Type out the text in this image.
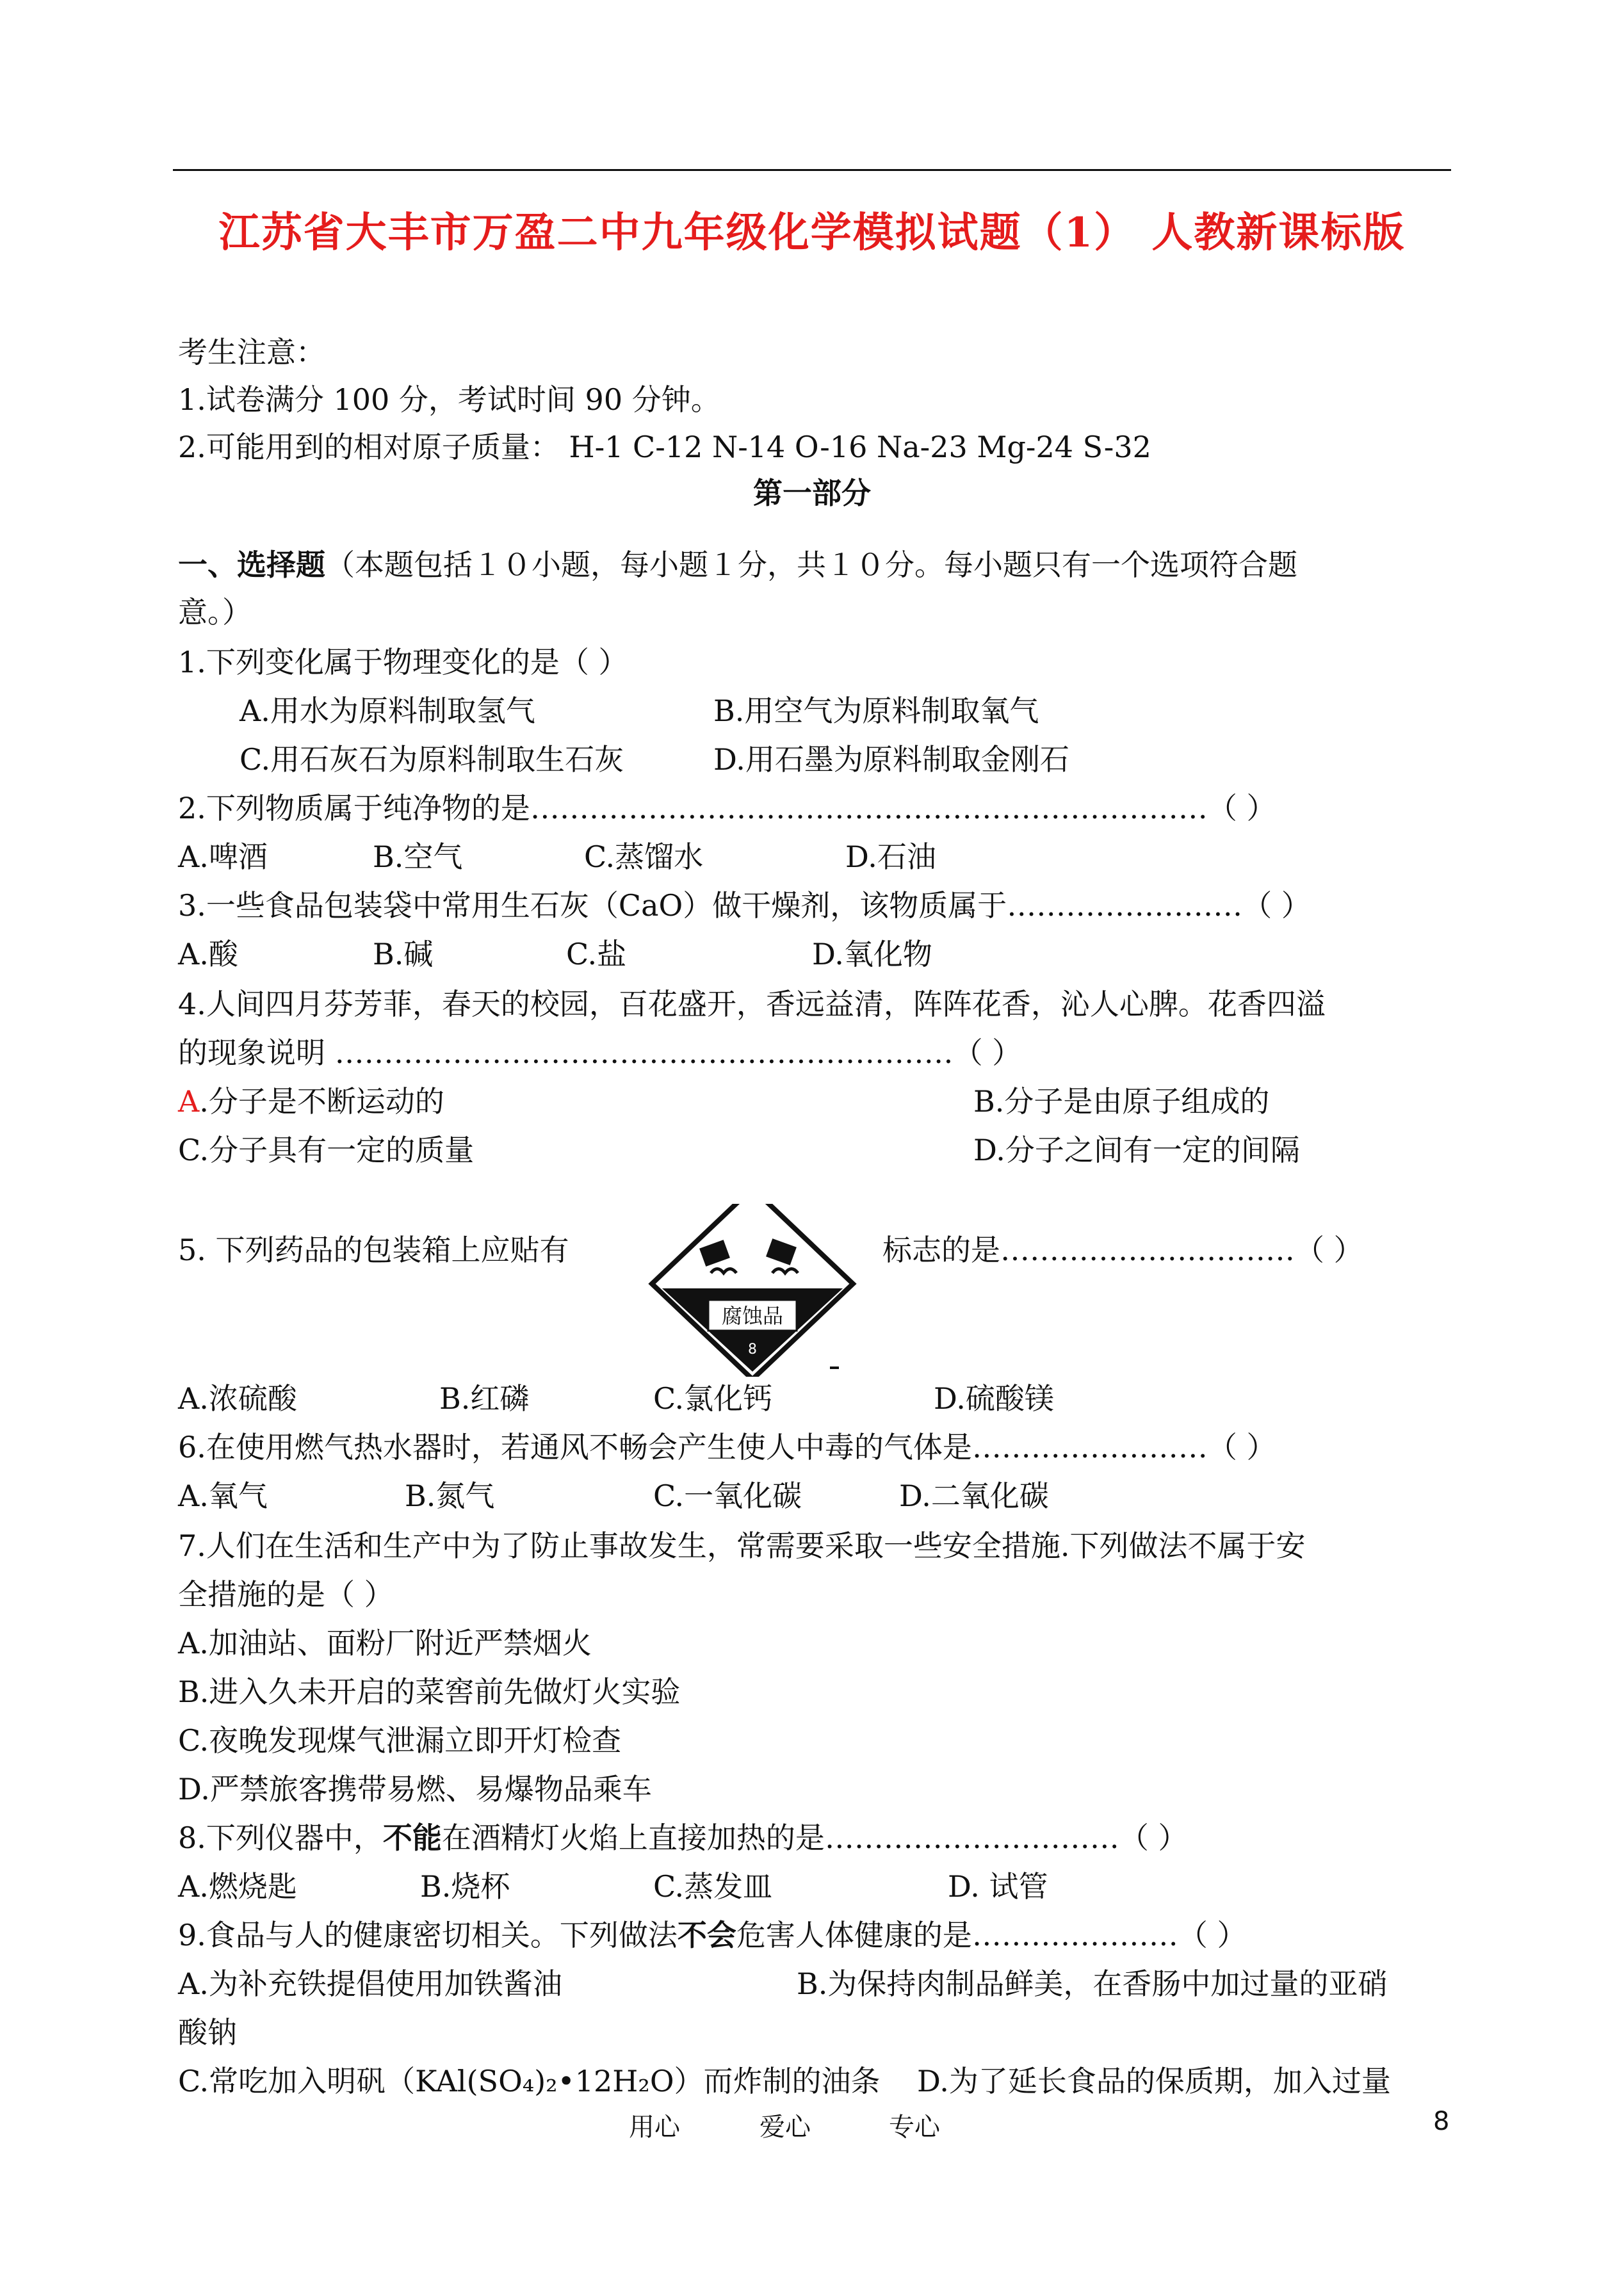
江苏省大丰市万盈二中九年级化学模拟试题（1） 人教新课标版
考生注意：
1.试卷满分 100 分，考试时间 90 分钟。
2.可能用到的相对原子质量： H-1 C-12 N-14 O-16 Na-23 Mg-24 S-32
第一部分
一、选择题（本题包括１０小题，每小题１分，共１０分。每小题只有一个选项符合题
意。）
1.下列变化属于物理变化的是（ ）
A.用水为原料制取氢气	B.用空气为原料制取氧气
C.用石灰石为原料制取生石灰	D.用石墨为原料制取金刚石
2.下列物质属于纯净物的是……………………………………………………………（ ）
A.啤酒	B.空气	C.蒸馏水	D.石油
3.一些食品包装袋中常用生石灰（CaO）做干燥剂，该物质属于……………………（ ）
A.酸	B.碱	C.盐	D.氧化物
4.人间四月芬芳菲，春天的校园，百花盛开，香远益清，阵阵花香，沁人心脾。花香四溢
的现象说明 ………………………………………………………（ ）
A.分子是不断运动的	B.分子是由原子组成的
C.分子具有一定的质量	D.分子之间有一定的间隔
5. 下列药品的包装箱上应贴有
腐蚀品
8
标志的是…………………………（ ）
A.浓硫酸	B.红磷	C.氯化钙	D.硫酸镁
6.在使用燃气热水器时，若通风不畅会产生使人中毒的气体是……………………（ ）
A.氧气	B.氮气	C.一氧化碳	D.二氧化碳
7.人们在生活和生产中为了防止事故发生，常需要采取一些安全措施.下列做法不属于安
全措施的是（ ）
A.加油站、面粉厂附近严禁烟火
B.进入久未开启的菜窖前先做灯火实验
C.夜晚发现煤气泄漏立即开灯检查
D.严禁旅客携带易燃、易爆物品乘车
8.下列仪器中，不能在酒精灯火焰上直接加热的是…………………………（ ）
A.燃烧匙	B.烧杯	C.蒸发皿	D. 试管
9.食品与人的健康密切相关。下列做法不会危害人体健康的是…………………（ ）
A.为补充铁提倡使用加铁酱油	B.为保持肉制品鲜美，在香肠中加过量的亚硝
酸钠
C.常吃加入明矾（KAl(SO₄)₂•12H₂O）而炸制的油条 D.为了延长食品的保质期，加入过量
用心	爱心	专心	8
